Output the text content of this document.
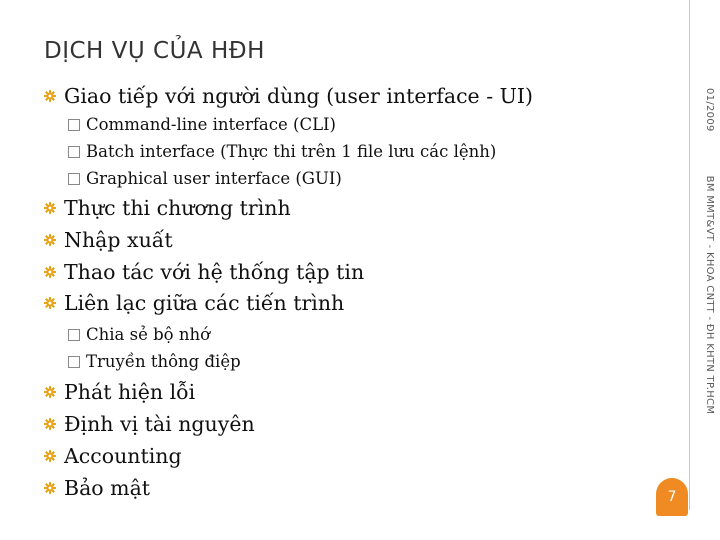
DỊCH VỤ CỦA HĐH
01/2009BM MMT&VT - KHOA CNTT - ĐH KHTN TP.HCM
Giao tiếp với người dùng (user interface - UI)
Command-line interface (CLI)
Batch interface (Thực thi trên 1 file lưu các lệnh)
Graphical user interface (GUI)
Thực thi chương trình
Nhập xuất
Thao tác với hệ thống tập tin
Liên lạc giữa các tiến trình
Chia sẻ bộ nhớ
Truyền thông điệp
Phát hiện lỗi
Định vị tài nguyên
Accounting
Bảo mật	7
